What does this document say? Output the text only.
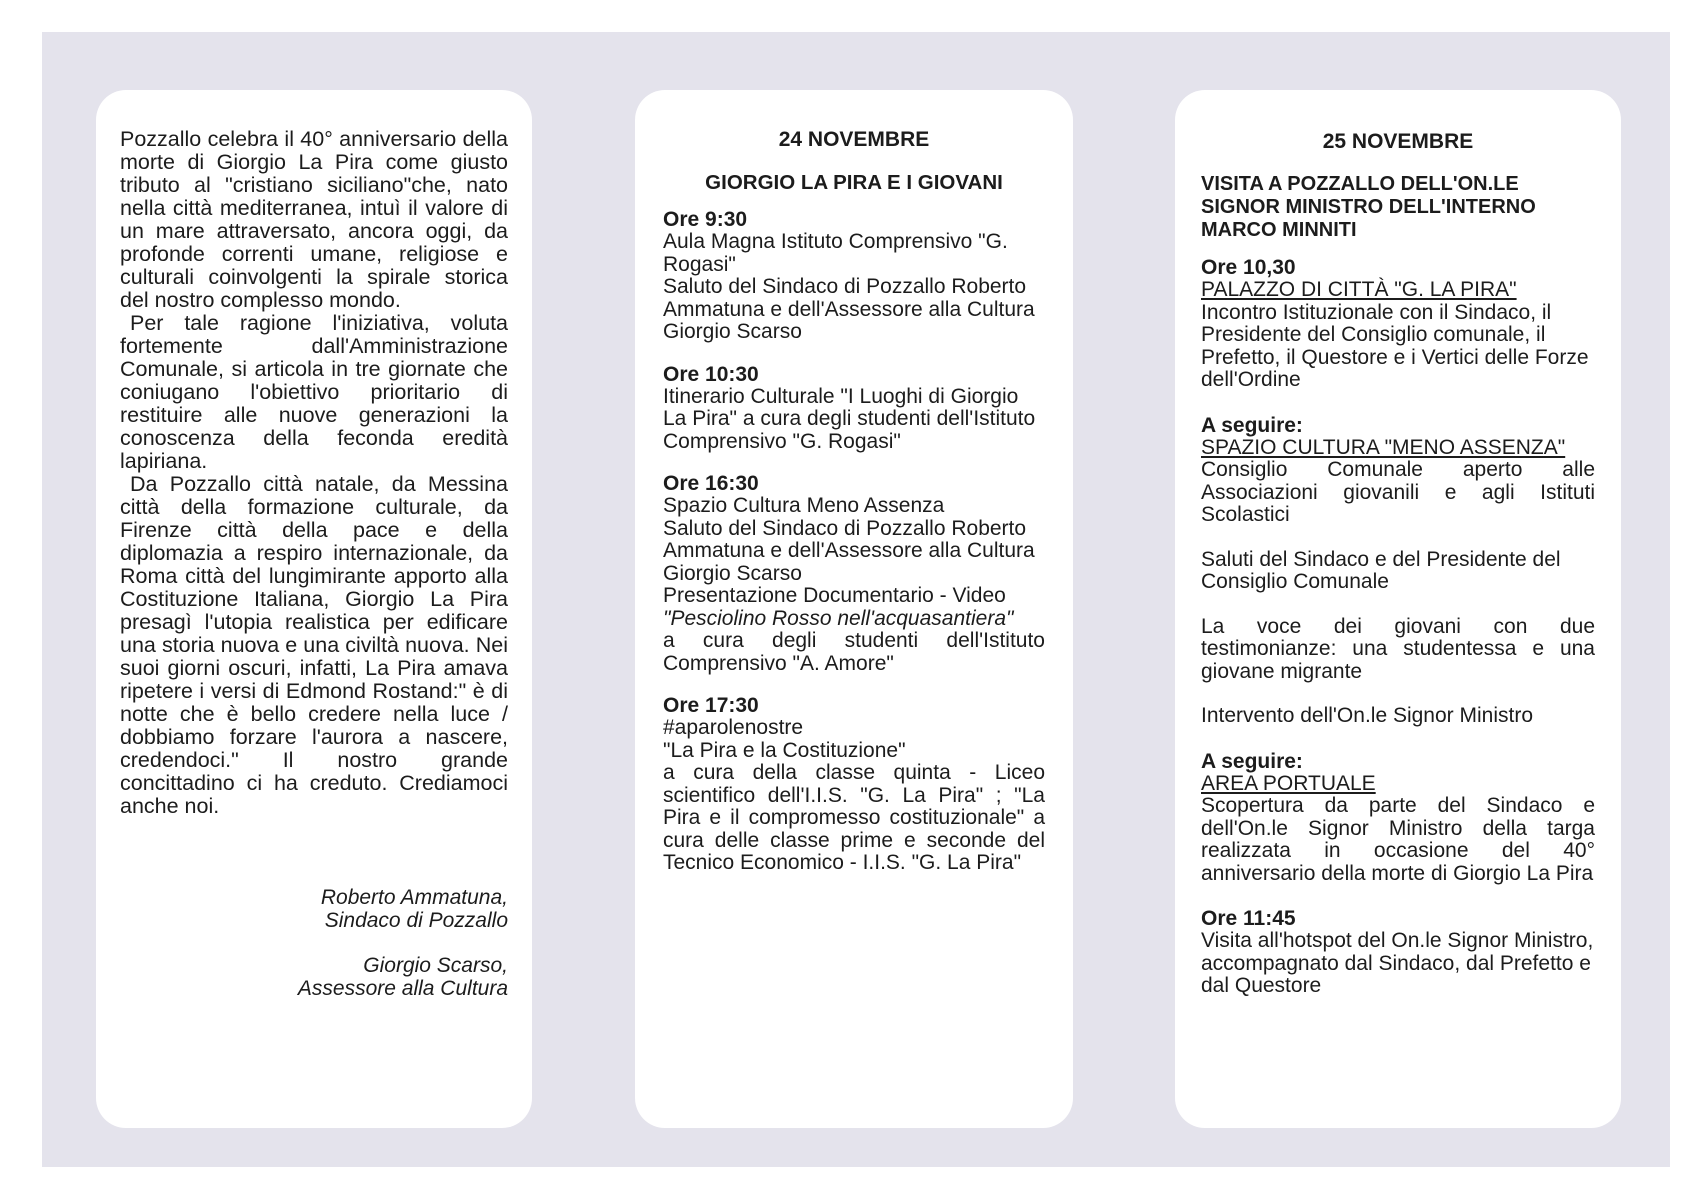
Pozzallo celebra il 40° anniversario della morte di Giorgio La Pira come giusto tributo al "cristiano siciliano"che, nato nella città mediterranea, intuì il valore di un mare attraversato, ancora oggi, da profonde correnti umane, religiose e culturali coinvolgenti la spirale storica del nostro complesso mondo.

Per tale ragione l'iniziativa, voluta fortemente dall'Amministrazione Comunale, si articola in tre giornate che coniugano l'obiettivo prioritario di restituire alle nuove generazioni la conoscenza della feconda eredità lapiriana.

Da Pozzallo città natale, da Messina città della formazione culturale, da Firenze città della pace e della diplomazia a respiro internazionale, da Roma città del lungimirante apporto alla Costituzione Italiana, Giorgio La Pira presagì l'utopia realistica per edificare una storia nuova e una civiltà nuova. Nei suoi giorni oscuri, infatti, La Pira amava ripetere i versi di Edmond Rostand:" è di notte che è bello credere nella luce / dobbiamo forzare l'aurora a nascere, credendoci." Il nostro grande concittadino ci ha creduto. Crediamoci anche noi.

Roberto Ammatuna,
Sindaco di Pozzallo
Giorgio Scarso,
Assessore alla Cultura

24 NOVEMBRE

GIORGIO LA PIRA E I GIOVANI

Ore 9:30

Aula Magna Istituto Comprensivo "G. Rogasi"

Saluto del Sindaco di Pozzallo Roberto Ammatuna e dell'Assessore alla Cultura Giorgio Scarso

Ore 10:30

Itinerario Culturale "I Luoghi di Giorgio La Pira" a cura degli studenti dell'Istituto Comprensivo "G. Rogasi"

Ore 16:30

Spazio Cultura Meno Assenza

Saluto del Sindaco di Pozzallo Roberto Ammatuna e dell'Assessore alla Cultura Giorgio Scarso

Presentazione Documentario - Video

"Pesciolino Rosso nell'acquasantiera"

a cura degli studenti dell'Istituto Comprensivo "A. Amore"

Ore 17:30

#aparolenostre

"La Pira e la Costituzione"

a cura della classe quinta - Liceo scientifico dell'I.I.S. "G. La Pira" ; "La Pira e il compromesso costituzionale" a cura delle classe prime e seconde del Tecnico Economico - I.I.S. "G. La Pira"

25 NOVEMBRE

VISITA A POZZALLO DELL'ON.LE SIGNOR MINISTRO DELL'INTERNO MARCO MINNITI

Ore 10,30

PALAZZO DI CITTÀ "G. LA PIRA"

Incontro Istituzionale con il Sindaco, il Presidente del Consiglio comunale, il Prefetto, il Questore e i Vertici delle Forze dell'Ordine

A seguire:

SPAZIO CULTURA "MENO ASSENZA"

Consiglio Comunale aperto alle Associazioni giovanili e agli Istituti Scolastici

Saluti del Sindaco e del Presidente del Consiglio Comunale

La voce dei giovani con due testimonianze: una studentessa e una giovane migrante

Intervento dell'On.le Signor Ministro

A seguire:

AREA PORTUALE

Scopertura da parte del Sindaco e dell'On.le Signor Ministro della targa realizzata in occasione del 40° anniversario della morte di Giorgio La Pira

Ore 11:45

Visita all'hotspot del On.le Signor Ministro, accompagnato dal Sindaco, dal Prefetto e dal Questore
